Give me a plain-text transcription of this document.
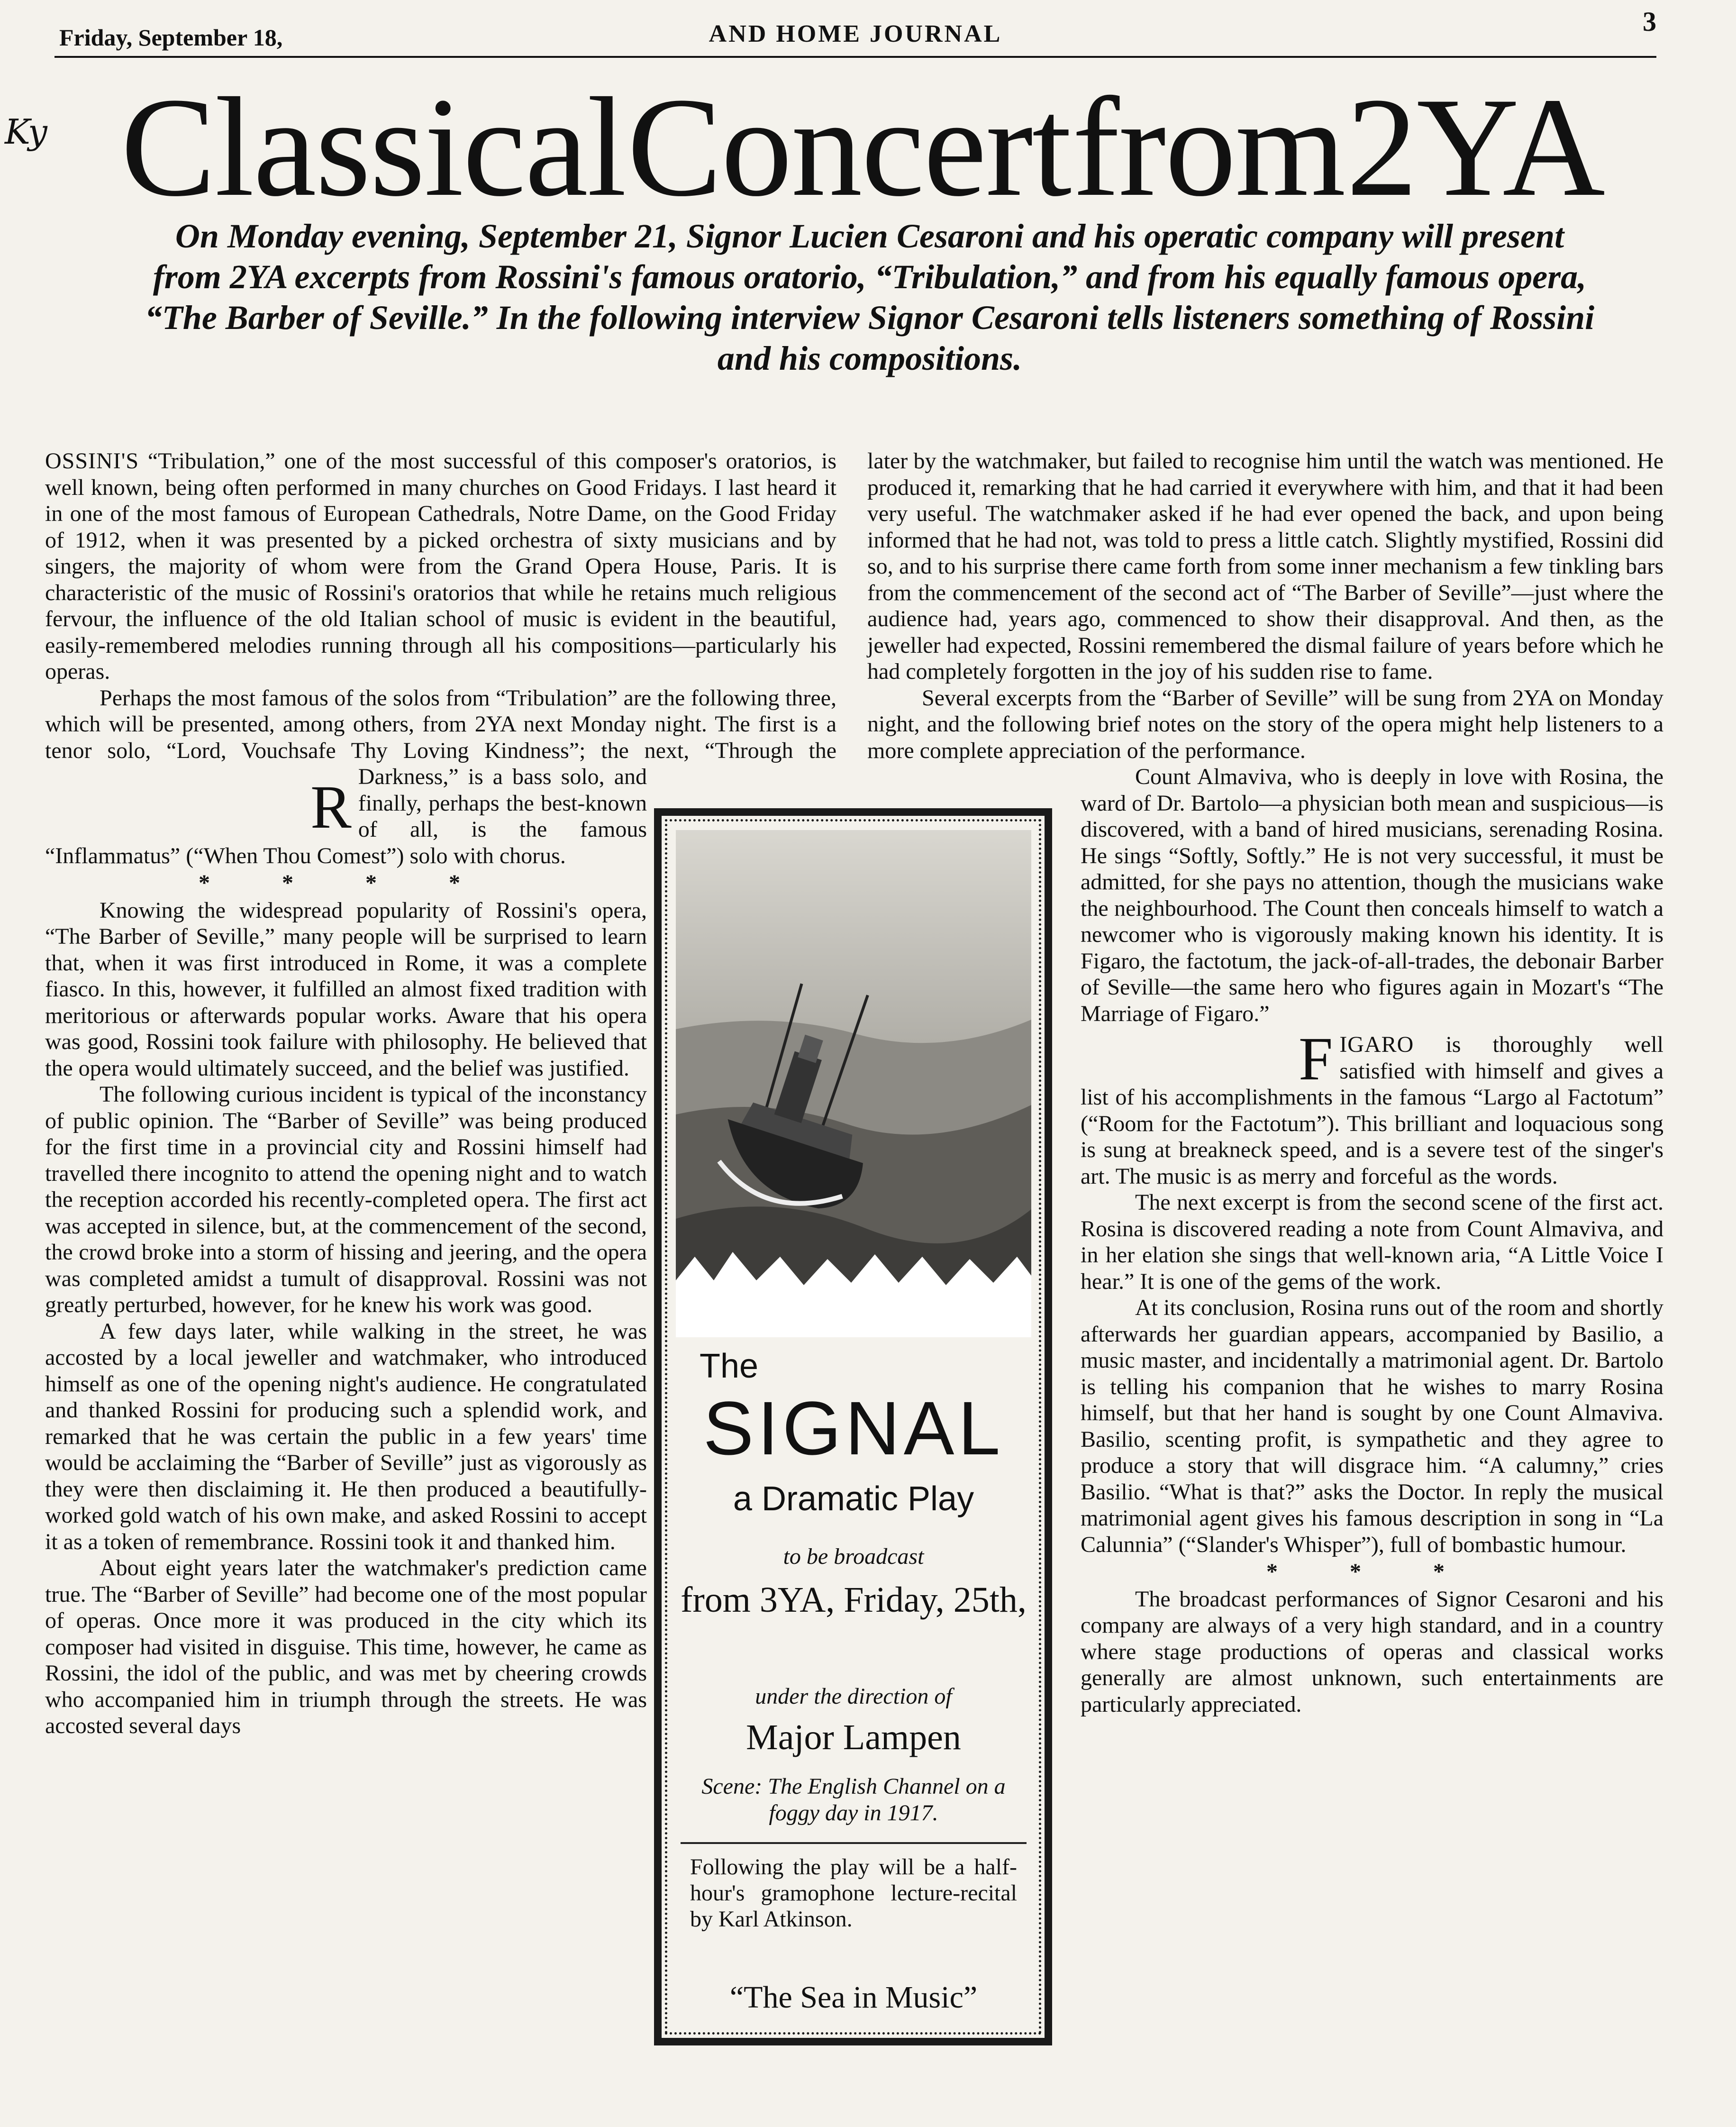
Friday, September 18,	AND HOME JOURNAL	3
Ky Classical Concert from 2YA
On Monday evening, September 21, Signor Lucien Cesaroni and his operatic company will present from 2YA excerpts from Rossini's famous oratorio, “Tribulation,” and from his equally famous opera, “The Barber of Seville.” In the following interview Signor Cesaroni tells listeners something of Rossini and his compositions.

R
OSSINI'S “Tribulation,” one of the most successful of this composer's oratorios, is well known, being often performed in many churches on Good Fridays. I last heard it in one of the most famous of European Cathedrals, Notre Dame, on the Good Friday of 1912, when it was presented by a picked orchestra of sixty musicians and by singers, the majority of whom were from the Grand Opera House, Paris. It is characteristic of the music of Rossini's oratorios that while he retains much religious fervour, the influence of the old Italian school of music is evident in the beautiful, easily-remembered melodies running through all his compositions—particularly his operas.

Perhaps the most famous of the solos from “Tribulation” are the following three, which will be presented, among others, from 2YA next Monday night. The first is a tenor solo, “Lord, Vouchsafe Thy Loving Kindness”; the next, “Through the Darkness,” is a bass solo, and finally, perhaps the best-known of all, is the famous “Inflammatus” (“When Thou Comest”) solo with chorus.

* * * *

Knowing the widespread popularity of Rossini's opera, “The Barber of Seville,” many people will be surprised to learn that, when it was first introduced in Rome, it was a complete fiasco. In this, however, it fulfilled an almost fixed tradition with meritorious or afterwards popular works. Aware that his opera was good, Rossini took failure with philosophy. He believed that the opera would ultimately succeed, and the belief was justified.

The following curious incident is typical of the inconstancy of public opinion. The “Barber of Seville” was being produced for the first time in a provincial city and Rossini himself had travelled there incognito to attend the opening night and to watch the reception accorded his recently-completed opera. The first act was accepted in silence, but, at the commencement of the second, the crowd broke into a storm of hissing and jeering, and the opera was completed amidst a tumult of disapproval. Rossini was not greatly perturbed, however, for he knew his work was good.

A few days later, while walking in the street, he was accosted by a local jeweller and watchmaker, who introduced himself as one of the opening night's audience. He congratulated and thanked Rossini for producing such a splendid work, and remarked that he was certain the public in a few years' time would be acclaiming the “Barber of Seville” just as vigorously as they were then disclaiming it. He then produced a beautifully-worked gold watch of his own make, and asked Rossini to accept it as a token of remembrance. Rossini took it and thanked him.

About eight years later the watchmaker's prediction came true. The “Barber of Seville” had become one of the most popular of operas. Once more it was produced in the city which its composer had visited in disguise. This time, however, he came as Rossini, the idol of the public, and was met by cheering crowds who accompanied him in triumph through the streets. He was accosted several days

later by the watchmaker, but failed to recognise him until the watch was mentioned. He produced it, remarking that he had carried it everywhere with him, and that it had been very useful. The watchmaker asked if he had ever opened the back, and upon being informed that he had not, was told to press a little catch. Slightly mystified, Rossini did so, and to his surprise there came forth from some inner mechanism a few tinkling bars from the commencement of the second act of “The Barber of Seville”—just where the audience had, years ago, commenced to show their disapproval. And then, as the jeweller had expected, Rossini remembered the dismal failure of years before which he had completely forgotten in the joy of his sudden rise to fame.

Several excerpts from the “Barber of Seville” will be sung from 2YA on Monday night, and the following brief notes on the story of the opera might help listeners to a more complete appreciation of the performance.

Count Almaviva, who is deeply in love with Rosina, the ward of Dr. Bartolo—a physician both mean and suspicious—is discovered, with a band of hired musicians, serenading Rosina. He sings “Softly, Softly.” He is not very successful, it must be admitted, for she pays no attention, though the musicians wake the neighbourhood. The Count then conceals himself to watch a newcomer who is vigorously making known his identity. It is Figaro, the factotum, the jack-of-all-trades, the debonair Barber of Seville—the same hero who figures again in Mozart's “The Marriage of Figaro.”

FIGARO is thoroughly well satisfied with himself and gives a list of his accomplishments in the famous “Largo al Factotum” (“Room for the Factotum”). This brilliant and loquacious song is sung at breakneck speed, and is a severe test of the singer's art. The music is as merry and forceful as the words.

The next excerpt is from the second scene of the first act. Rosina is discovered reading a note from Count Almaviva, and in her elation she sings that well-known aria, “A Little Voice I hear.” It is one of the gems of the work.

At its conclusion, Rosina runs out of the room and shortly afterwards her guardian appears, accompanied by Basilio, a music master, and incidentally a matrimonial agent. Dr. Bartolo is telling his companion that he wishes to marry Rosina himself, but that her hand is sought by one Count Almaviva. Basilio, scenting profit, is sympathetic and they agree to produce a story that will disgrace him. “A calumny,” cries Basilio. “What is that?” asks the Doctor. In reply the musical matrimonial agent gives his famous description in song in “La Calunnia” (“Slander's Whisper”), full of bombastic humour.

* * *

The broadcast performances of Signor Cesaroni and his company are always of a very high standard, and in a country where stage productions of operas and classical works generally are almost unknown, such entertainments are particularly appreciated.

The
SIGNAL
a Dramatic Play
to be broadcast
from 3YA, Friday, 25th,
under the direction of
Major Lampen
Scene: The English Channel on a foggy day in 1917.
Following the play will be a half-hour's gramophone lecture-recital by Karl Atkinson.
“The Sea in Music”
